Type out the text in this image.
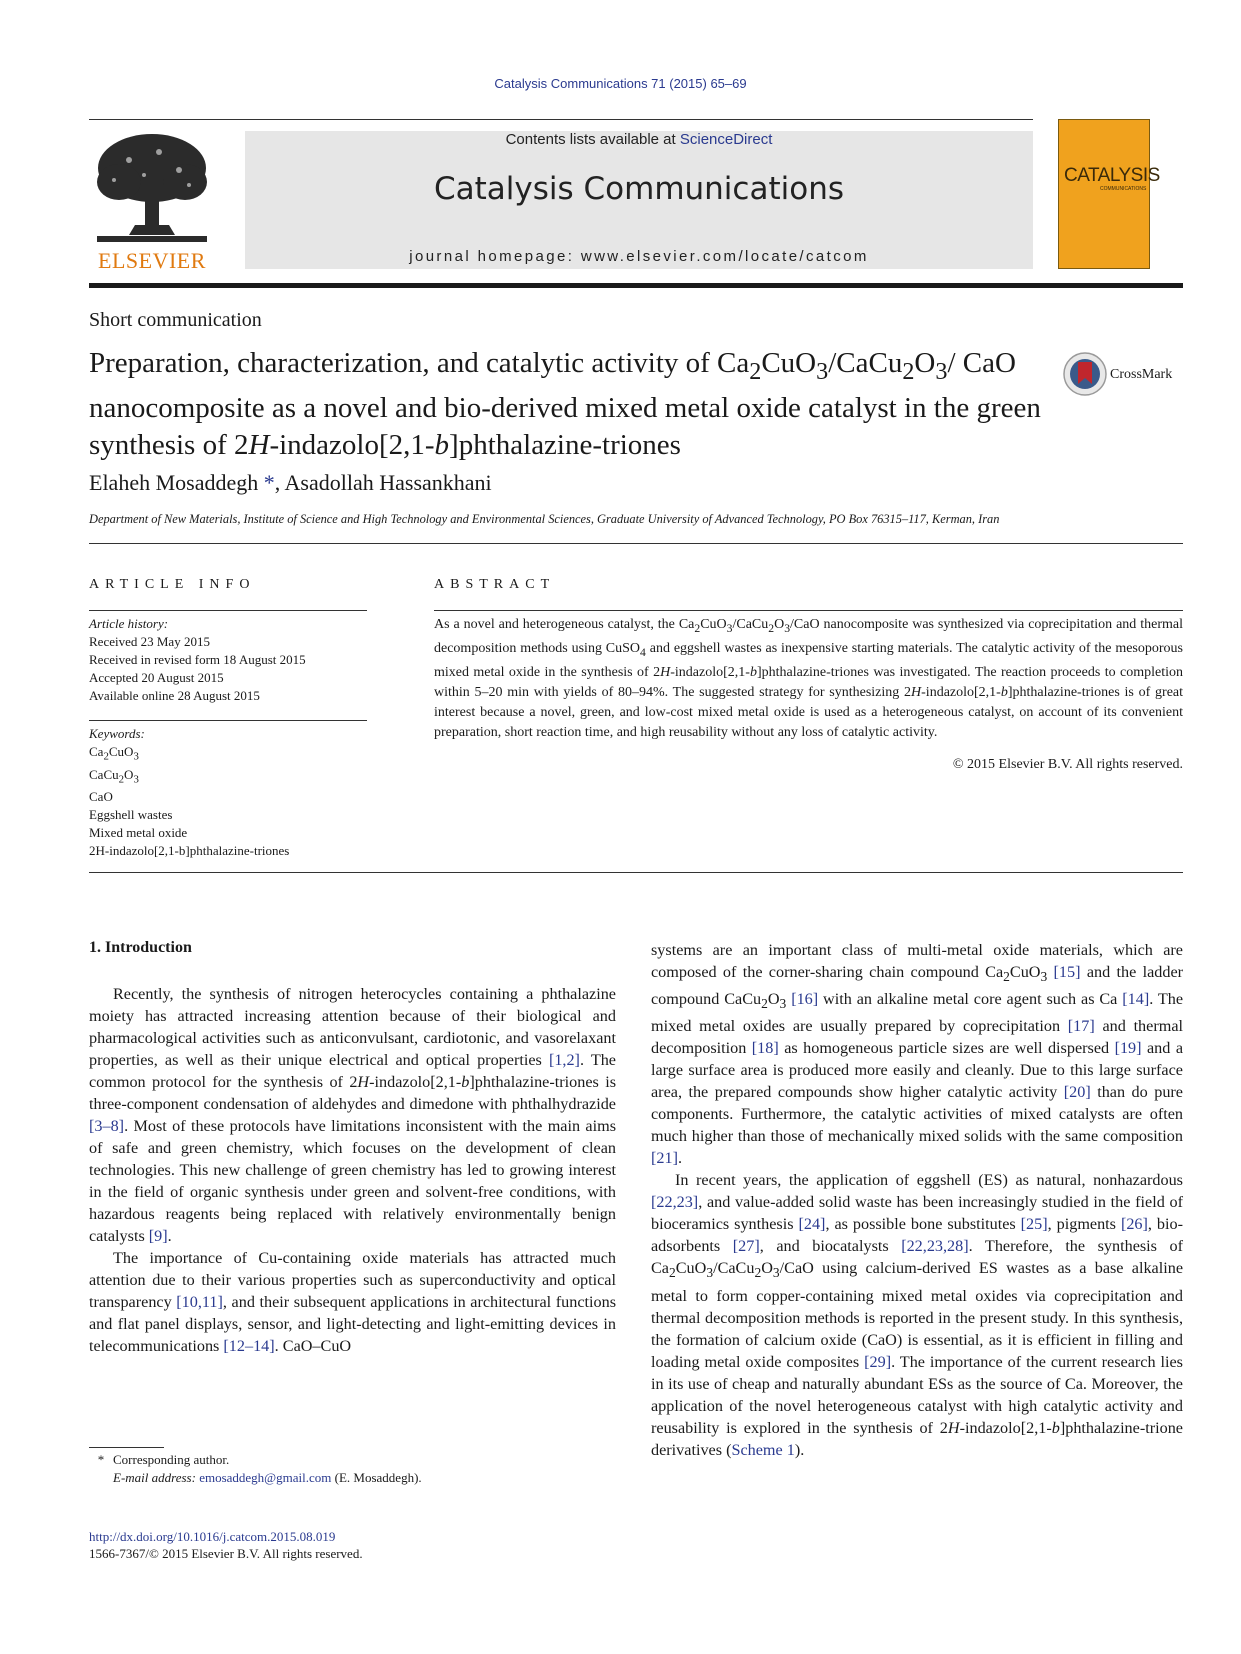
Catalysis Communications 71 (2015) 65–69
ELSEVIER
Contents lists available at ScienceDirect
Catalysis Communications
journal homepage: www.elsevier.com/locate/catcom
CATALYSIS
COMMUNICATIONS
Short communication
Preparation, characterization, and catalytic activity of $Ca_2CuO_3/CaCu_2O_3/$ CaO nanocomposite as a novel and bio-derived mixed metal oxide catalyst in the green synthesis of 2H-indazolo[2,1-b]phthalazine-triones
CrossMark
Elaheh Mosaddegh *, Asadollah Hassankhani
Department of New Materials, Institute of Science and High Technology and Environmental Sciences, Graduate University of Advanced Technology, PO Box 76315–117, Kerman, Iran
ARTICLE INFO
Article history:
Received 23 May 2015
Received in revised form 18 August 2015
Accepted 20 August 2015
Available online 28 August 2015
Keywords:
$Ca_2CuO_3$
$CaCu_2O_3$
CaO
Eggshell wastes
Mixed metal oxide
2H-indazolo[2,1-b]phthalazine-triones
ABSTRACT
As a novel and heterogeneous catalyst, the $Ca_2CuO_3/CaCu_2O_3$/CaO nanocomposite was synthesized via coprecipitation and thermal decomposition methods using CuSO$_4$ and eggshell wastes as inexpensive starting materials. The catalytic activity of the mesoporous mixed metal oxide in the synthesis of 2H-indazolo[2,1-b]phthalazine-triones was investigated. The reaction proceeds to completion within 5–20 min with yields of 80–94%. The suggested strategy for synthesizing 2H-indazolo[2,1-b]phthalazine-triones is of great interest because a novel, green, and low-cost mixed metal oxide is used as a heterogeneous catalyst, on account of its convenient preparation, short reaction time, and high reusability without any loss of catalytic activity.
© 2015 Elsevier B.V. All rights reserved.
1. Introduction

Recently, the synthesis of nitrogen heterocycles containing a phthalazine moiety has attracted increasing attention because of their biological and pharmacological activities such as anticonvulsant, cardiotonic, and vasorelaxant properties, as well as their unique electrical and optical properties [1,2]. The common protocol for the synthesis of 2H-indazolo[2,1-b]phthalazine-triones is three-component condensation of aldehydes and dimedone with phthalhydrazide [3–8]. Most of these protocols have limitations inconsistent with the main aims of safe and green chemistry, which focuses on the development of clean technologies. This new challenge of green chemistry has led to growing interest in the field of organic synthesis under green and solvent-free conditions, with hazardous reagents being replaced with relatively environmentally benign catalysts [9].

The importance of Cu-containing oxide materials has attracted much attention due to their various properties such as superconductivity and optical transparency [10,11], and their subsequent applications in architectural functions and flat panel displays, sensor, and light-detecting and light-emitting devices in telecommunications [12–14]. CaO–CuO

systems are an important class of multi-metal oxide materials, which are composed of the corner-sharing chain compound $Ca_2CuO_3$ [15] and the ladder compound $CaCu_2O_3$ [16] with an alkaline metal core agent such as Ca [14]. The mixed metal oxides are usually prepared by coprecipitation [17] and thermal decomposition [18] as homogeneous particle sizes are well dispersed [19] and a large surface area is produced more easily and cleanly. Due to this large surface area, the prepared compounds show higher catalytic activity [20] than do pure components. Furthermore, the catalytic activities of mixed catalysts are often much higher than those of mechanically mixed solids with the same composition [21].

In recent years, the application of eggshell (ES) as natural, nonhazardous [22,23], and value-added solid waste has been increasingly studied in the field of bioceramics synthesis [24], as possible bone substitutes [25], pigments [26], bio-adsorbents [27], and biocatalysts [22,23,28]. Therefore, the synthesis of $Ca_2CuO_3/CaCu_2O_3$/CaO using calcium-derived ES wastes as a base alkaline metal to form copper-containing mixed metal oxides via coprecipitation and thermal decomposition methods is reported in the present study. In this synthesis, the formation of calcium oxide (CaO) is essential, as it is efficient in filling and loading metal oxide composites [29]. The importance of the current research lies in its use of cheap and naturally abundant ESs as the source of Ca. Moreover, the application of the novel heterogeneous catalyst with high catalytic activity and reusability is explored in the synthesis of 2H-indazolo[2,1-b]phthalazine-trione derivatives (Scheme 1).

* Corresponding author.
E-mail address: emosaddegh@gmail.com (E. Mosaddegh).
http://dx.doi.org/10.1016/j.catcom.2015.08.019
1566-7367/© 2015 Elsevier B.V. All rights reserved.
